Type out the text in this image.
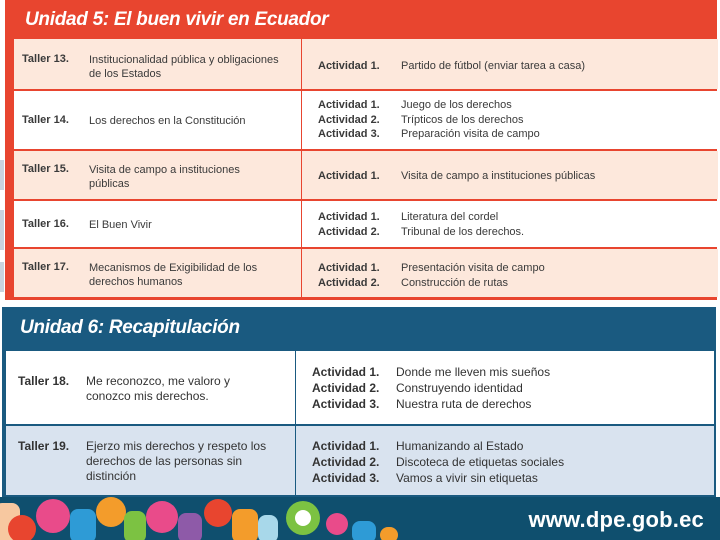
Unidad 5: El buen vivir en Ecuador
Taller 13. Institucionalidad pública y obligaciones de los Estados
Actividad 1.	Partido de fútbol (enviar tarea a casa)
Taller 14. Los derechos en la Constitución
Actividad 1.	Juego de los derechos
Actividad 2.	Trípticos de los derechos
Actividad 3.	Preparación visita de campo
Taller 15. Visita de campo a instituciones públicas
Actividad 1.	Visita de campo a instituciones públicas
Taller 16. El Buen Vivir
Actividad 1.	Literatura del cordel
Actividad 2.	Tribunal de los derechos.
Taller 17. Mecanismos de Exigibilidad de los derechos humanos
Actividad 1.	Presentación visita de campo
Actividad 2.	Construcción de rutas
Unidad 6: Recapitulación
Taller 18. Me reconozco, me valoro y conozco mis derechos.
Actividad 1.	Donde me lleven mis sueños
Actividad 2.	Construyendo identidad
Actividad 3.	Nuestra ruta de derechos
Taller 19. Ejerzo mis derechos y respeto los derechos de las personas sin distinción
Actividad 1.	Humanizando al Estado
Actividad 2.	Discoteca de etiquetas sociales
Actividad 3.	Vamos a vivir sin etiquetas
www.dpe.gob.ec
